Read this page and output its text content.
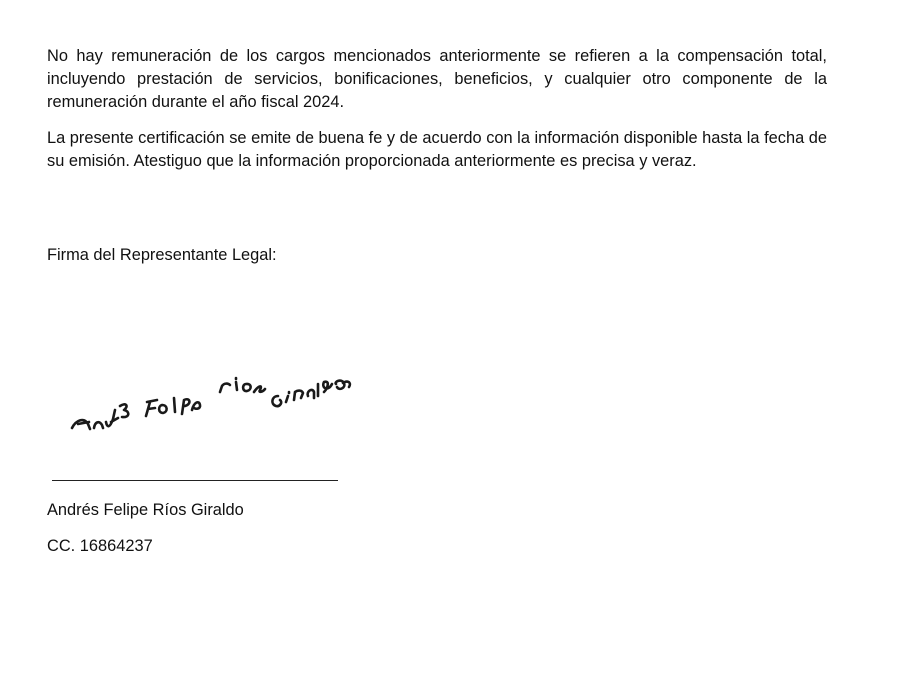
No hay remuneración de los cargos mencionados anteriormente se refieren a la compensación total, incluyendo prestación de servicios, bonificaciones, beneficios, y cualquier otro componente de la remuneración durante el año fiscal 2024.

La presente certificación se emite de buena fe y de acuerdo con la información disponible hasta la fecha de su emisión. Atestiguo que la información proporcionada anteriormente es precisa y veraz.

Firma del Representante Legal:

Andrés Felipe Ríos Giraldo

CC. 16864237
